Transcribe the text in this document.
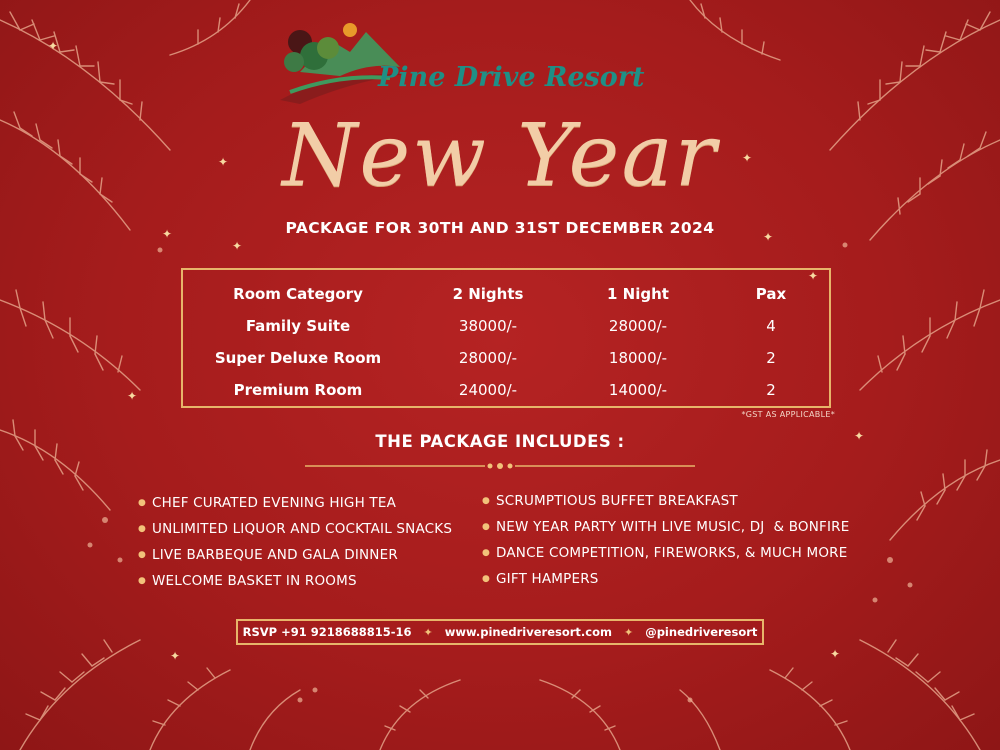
✦
✦
✦	✦
✦
✦
✦
✦
✦	✦
✦
Pine Drive Resort
New Year
PACKAGE FOR 30TH AND 31ST DECEMBER 2024
Room Category	2 Nights	1 Night	Pax
Family Suite	38000/-	28000/-	4
Super Deluxe Room	28000/-	18000/-	2
Premium Room	24000/-	14000/-	2
*GST AS APPLICABLE*
THE PACKAGE INCLUDES :
● CHEF CURATED EVENING HIGH TEA
● UNLIMITED LIQUOR AND COCKTAIL SNACKS
● LIVE BARBEQUE AND GALA DINNER
● WELCOME BASKET IN ROOMS
● SCRUMPTIOUS BUFFET BREAKFAST
● NEW YEAR PARTY WITH LIVE MUSIC, DJ  & BONFIRE
● DANCE COMPETITION, FIREWORKS, & MUCH MORE
● GIFT HAMPERS
RSVP +91 9218688815-16 ✦ www.pinedriveresort.com ✦ @pinedriveresort
